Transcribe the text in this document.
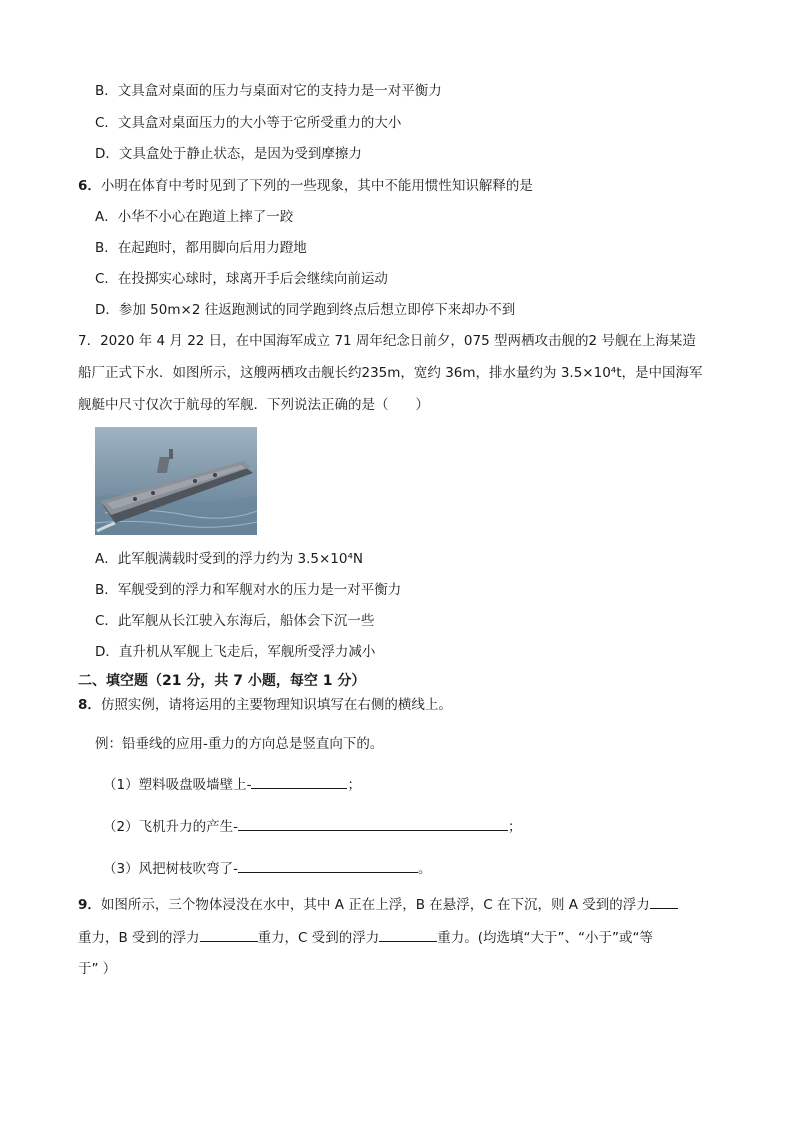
B．文具盒对桌面的压力与桌面对它的支持力是一对平衡力
C．文具盒对桌面压力的大小等于它所受重力的大小
D．文具盒处于静止状态，是因为受到摩擦力
6．小明在体育中考时见到了下列的一些现象，其中不能用惯性知识解释的是
A．小华不小心在跑道上摔了一跤
B．在起跑时，都用脚向后用力蹬地
C．在投掷实心球时，球离开手后会继续向前运动
D．参加 50m×2 往返跑测试的同学跑到终点后想立即停下来却办不到
7．2020 年 4 月 22 日，在中国海军成立 71 周年纪念日前夕，075 型两栖攻击舰的2 号舰在上海某造
船厂正式下水．如图所示，这艘两栖攻击舰长约235m，宽约 36m，排水量约为 3.5×10⁴t，是中国海军
舰艇中尺寸仅次于航母的军舰．下列说法正确的是（　　）
A．此军舰满载时受到的浮力约为 3.5×10⁴N
B．军舰受到的浮力和军舰对水的压力是一对平衡力
C．此军舰从长江驶入东海后，船体会下沉一些
D．直升机从军舰上飞走后，军舰所受浮力减小
二、填空题（21 分，共 7 小题，每空 1 分）
8．仿照实例，请将运用的主要物理知识填写在右侧的横线上。
例：铅垂线的应用-重力的方向总是竖直向下的。
（1）塑料吸盘吸墙壁上-	；
（2）飞机升力的产生-	；
（3）风把树枝吹弯了-	。
9．如图所示，三个物体浸没在水中，其中 A 正在上浮，B 在悬浮，C 在下沉，则 A 受到的浮力
重力，B 受到的浮力	重力，C 受到的浮力	重力。(均选填“大于”、“小于”或“等
于” ）
